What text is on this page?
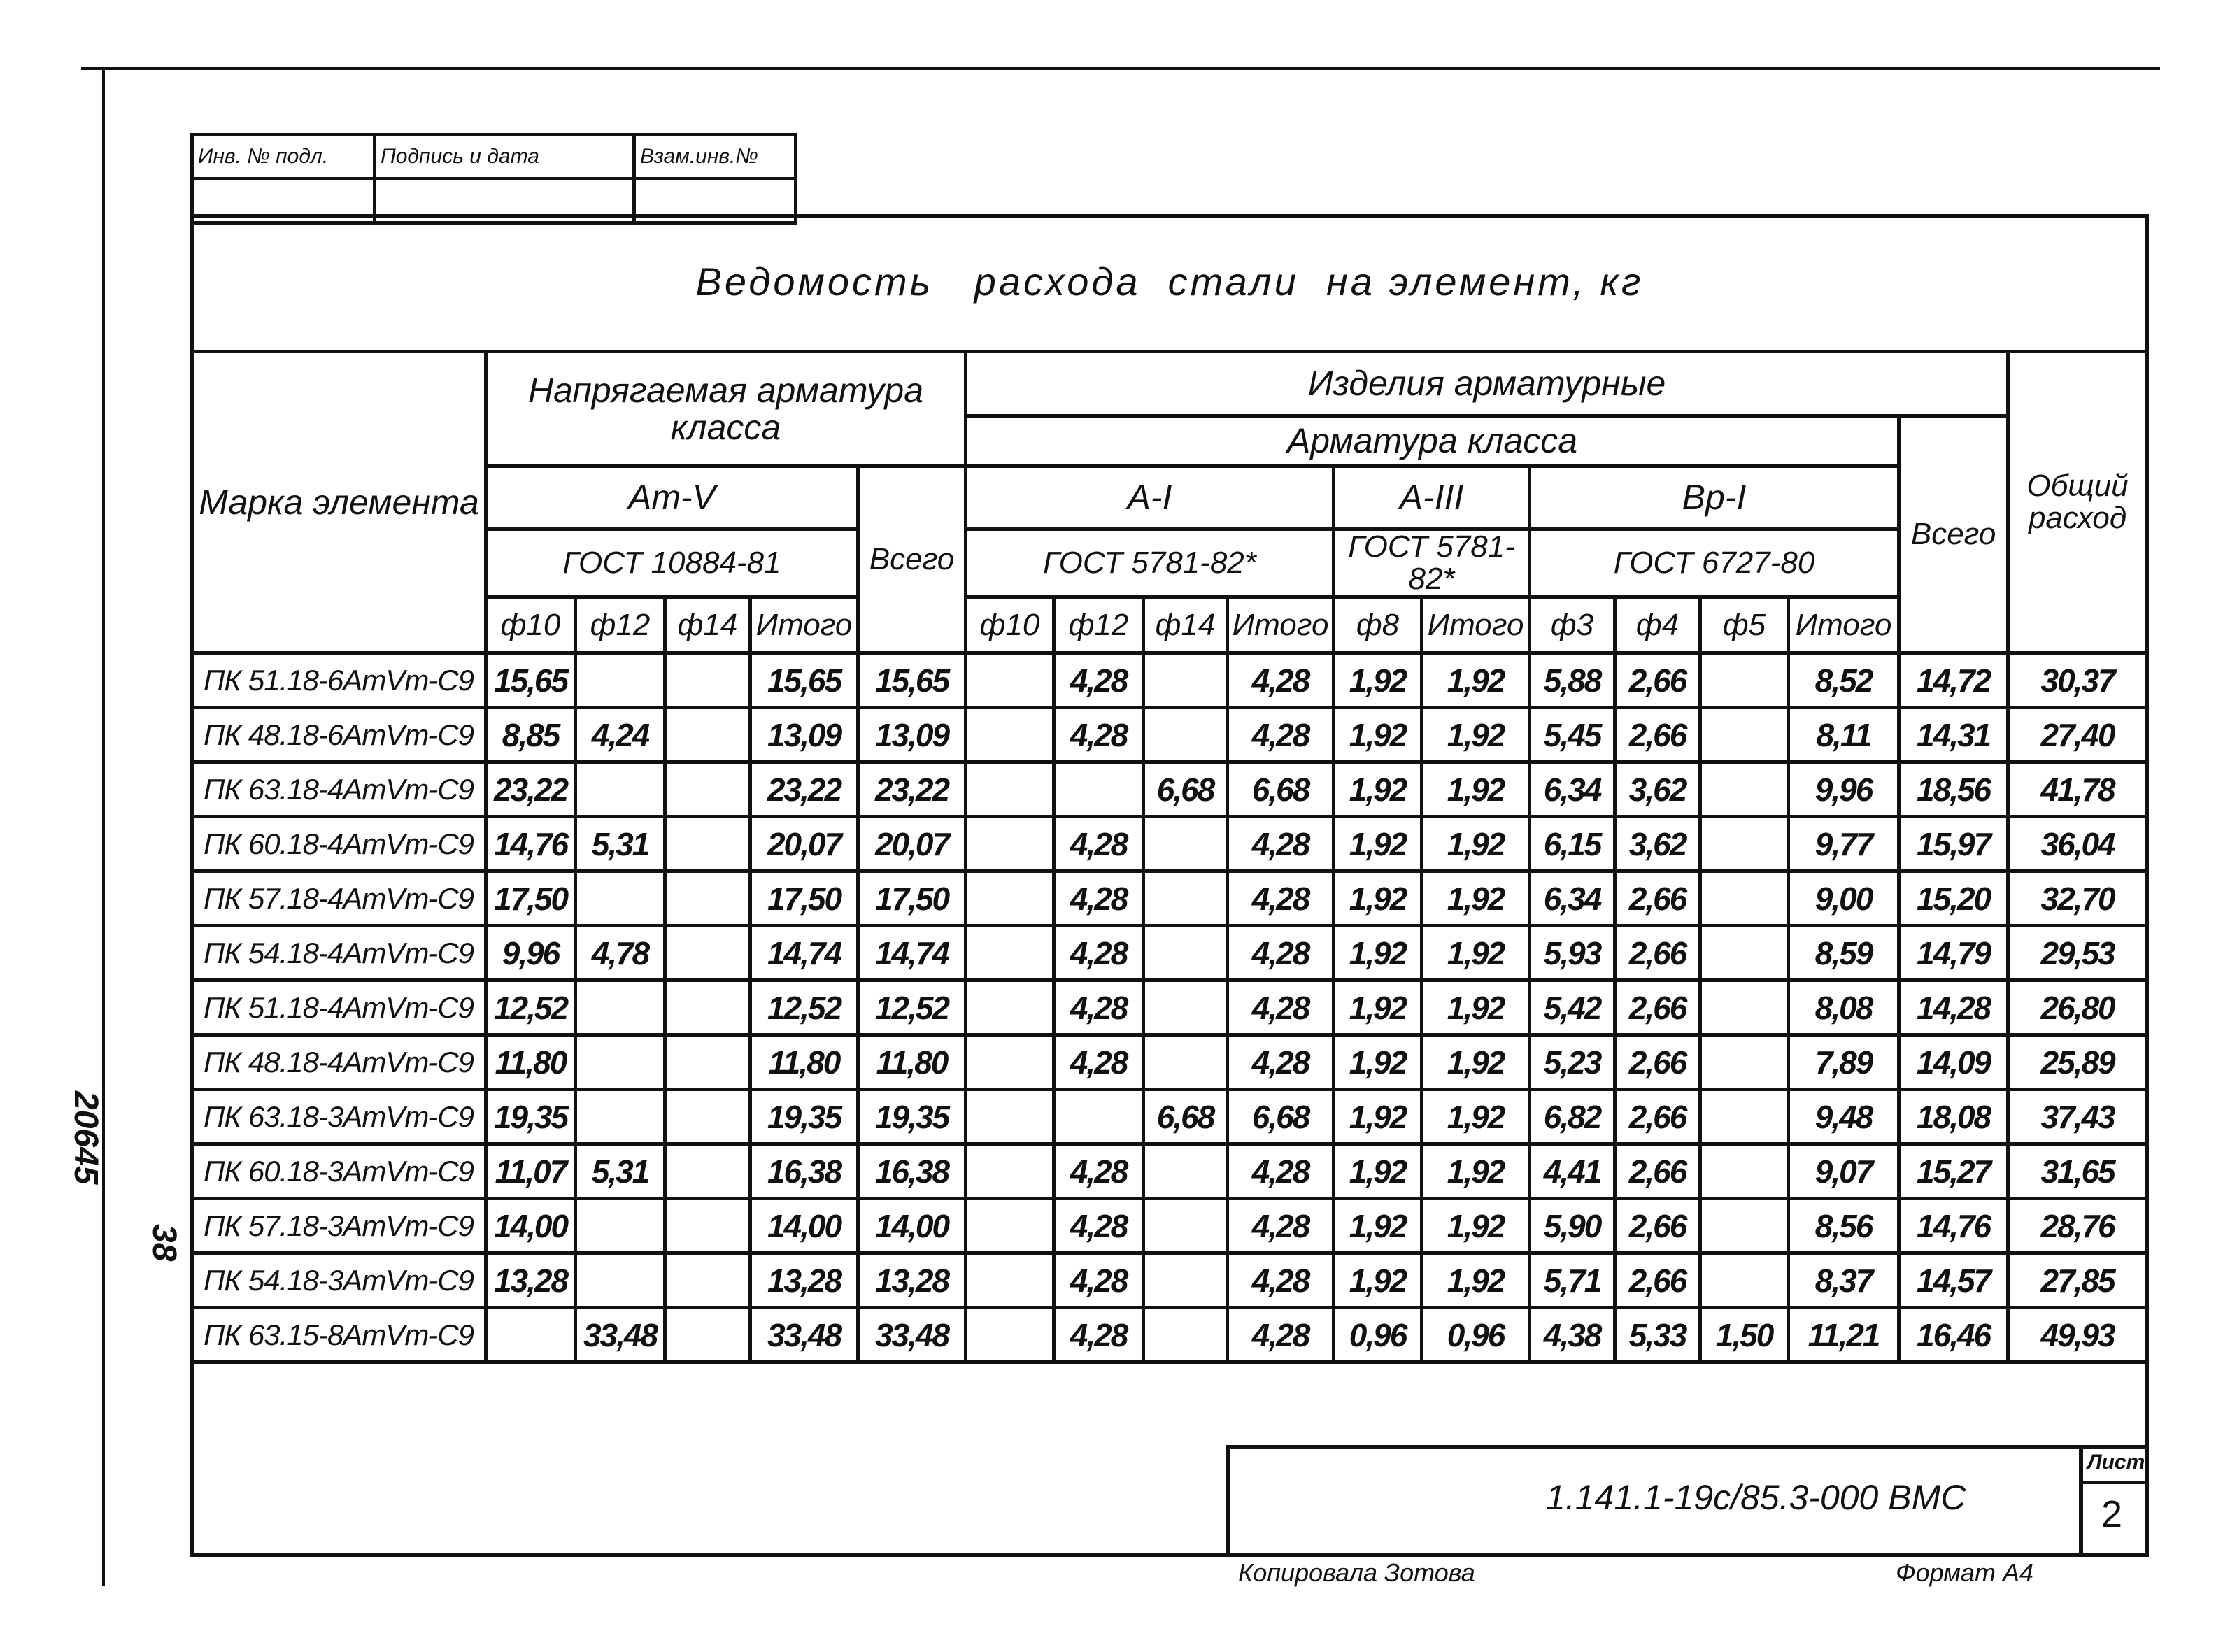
Инв. № подл.	Подпись и дата	Взам.инв.№

Ведомость   расхода  стали  на элемент, кг
Марка элемента	Напрягаемая арматура класса					Изделия арматурные											Общий расход
						Арматура класса										Всего	
	Ат-V				Всего	А-I				А-III		Вр-I					
	ГОСТ 10884-81					ГОСТ 5781-82*				ГОСТ 5781-82*		ГОСТ 6727-80					
	ф10	ф12	ф14	Итого		ф10	ф12	ф14	Итого	ф8	Итого	ф3	ф4	ф5	Итого		
ПК 51.18-6АтVт-С9	15,65			15,65	15,65		4,28		4,28	1,92	1,92	5,88	2,66		8,52	14,72	30,37
ПК 48.18-6АтVт-С9	8,85	4,24		13,09	13,09		4,28		4,28	1,92	1,92	5,45	2,66		8,11	14,31	27,40
ПК 63.18-4АтVт-С9	23,22			23,22	23,22			6,68	6,68	1,92	1,92	6,34	3,62		9,96	18,56	41,78
ПК 60.18-4АтVт-С9	14,76	5,31		20,07	20,07		4,28		4,28	1,92	1,92	6,15	3,62		9,77	15,97	36,04
ПК 57.18-4АтVт-С9	17,50			17,50	17,50		4,28		4,28	1,92	1,92	6,34	2,66		9,00	15,20	32,70
ПК 54.18-4АтVт-С9	9,96	4,78		14,74	14,74		4,28		4,28	1,92	1,92	5,93	2,66		8,59	14,79	29,53
ПК 51.18-4АтVт-С9	12,52			12,52	12,52		4,28		4,28	1,92	1,92	5,42	2,66		8,08	14,28	26,80
ПК 48.18-4АтVт-С9	11,80			11,80	11,80		4,28		4,28	1,92	1,92	5,23	2,66		7,89	14,09	25,89
ПК 63.18-3АтVт-С9	19,35			19,35	19,35			6,68	6,68	1,92	1,92	6,82	2,66		9,48	18,08	37,43
ПК 60.18-3АтVт-С9	11,07	5,31		16,38	16,38		4,28		4,28	1,92	1,92	4,41	2,66		9,07	15,27	31,65
ПК 57.18-3АтVт-С9	14,00			14,00	14,00		4,28		4,28	1,92	1,92	5,90	2,66		8,56	14,76	28,76
ПК 54.18-3АтVт-С9	13,28			13,28	13,28		4,28		4,28	1,92	1,92	5,71	2,66		8,37	14,57	27,85
ПК 63.15-8АтVт-С9		33,48		33,48	33,48		4,28		4,28	0,96	0,96	4,38	5,33	1,50	11,21	16,46	49,93
1.141.1-19с/85.3-000 ВМС
Лист
2
Копировала Зотова	Формат А4
20645
38
